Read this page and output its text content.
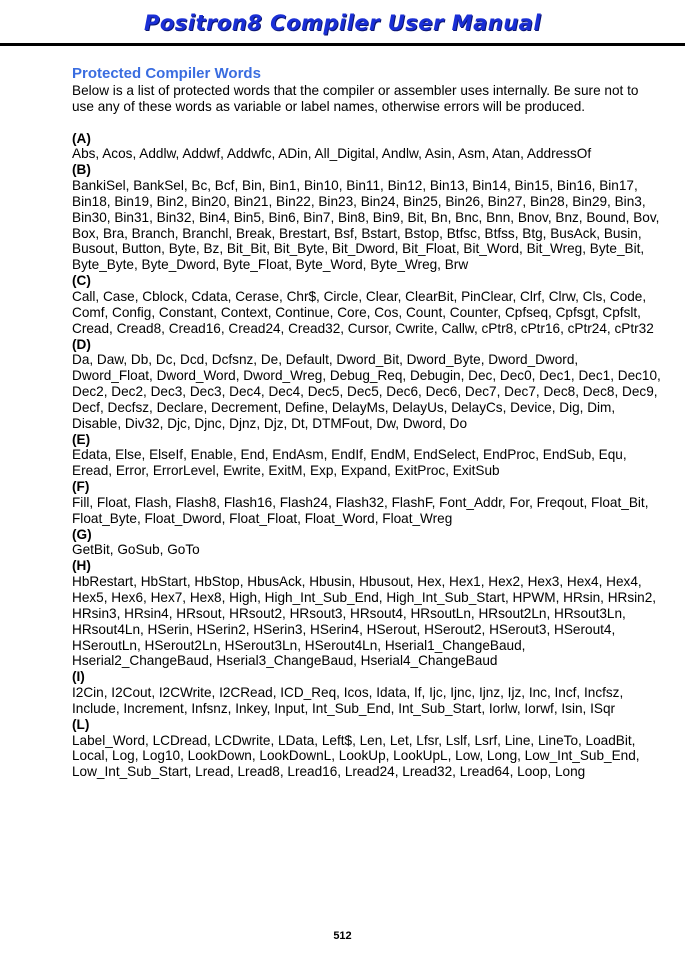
Positron8 Compiler User Manual
Protected Compiler Words
Below is a list of protected words that the compiler or assembler uses internally. Be sure not to use any of these words as variable or label names, otherwise errors will be produced.
(A)
Abs, Acos, Addlw, Addwf, Addwfc, ADin, All_Digital, Andlw, Asin, Asm, Atan, AddressOf
(B)
BankiSel, BankSel, Bc, Bcf, Bin, Bin1, Bin10, Bin11, Bin12, Bin13, Bin14, Bin15, Bin16, Bin17, Bin18, Bin19, Bin2, Bin20, Bin21, Bin22, Bin23, Bin24, Bin25, Bin26, Bin27, Bin28, Bin29, Bin3, Bin30, Bin31, Bin32, Bin4, Bin5, Bin6, Bin7, Bin8, Bin9, Bit, Bn, Bnc, Bnn, Bnov, Bnz, Bound, Bov, Box, Bra, Branch, Branchl, Break, Brestart, Bsf, Bstart, Bstop, Btfsc, Btfss, Btg, BusAck, Busin, Busout, Button, Byte, Bz, Bit_Bit, Bit_Byte, Bit_Dword, Bit_Float, Bit_Word, Bit_Wreg, Byte_Bit, Byte_Byte, Byte_Dword, Byte_Float, Byte_Word, Byte_Wreg, Brw
(C)
Call, Case, Cblock, Cdata, Cerase, Chr$, Circle, Clear, ClearBit, PinClear, Clrf, Clrw, Cls, Code, Comf, Config, Constant, Context, Continue, Core, Cos, Count, Counter, Cpfseq, Cpfsgt, Cpfslt, Cread, Cread8, Cread16, Cread24, Cread32, Cursor, Cwrite, Callw, cPtr8, cPtr16, cPtr24, cPtr32
(D)
Da, Daw, Db, Dc, Dcd, Dcfsnz, De, Default, Dword_Bit, Dword_Byte, Dword_Dword, Dword_Float, Dword_Word, Dword_Wreg, Debug_Req, Debugin, Dec, Dec0, Dec1, Dec1, Dec10, Dec2, Dec2, Dec3, Dec3, Dec4, Dec4, Dec5, Dec5, Dec6, Dec6, Dec7, Dec7, Dec8, Dec8, Dec9, Decf, Decfsz, Declare, Decrement, Define, DelayMs, DelayUs, DelayCs, Device, Dig, Dim, Disable, Div32, Djc, Djnc, Djnz, Djz, Dt, DTMFout, Dw, Dword, Do
(E)
Edata, Else, ElseIf, Enable, End, EndAsm, EndIf, EndM, EndSelect, EndProc, EndSub, Equ, Eread, Error, ErrorLevel, Ewrite, ExitM, Exp, Expand, ExitProc, ExitSub
(F)
Fill, Float, Flash, Flash8, Flash16, Flash24, Flash32, FlashF, Font_Addr, For, Freqout, Float_Bit, Float_Byte, Float_Dword, Float_Float, Float_Word, Float_Wreg
(G)
GetBit, GoSub, GoTo
(H)
HbRestart, HbStart, HbStop, HbusAck, Hbusin, Hbusout, Hex, Hex1, Hex2, Hex3, Hex4, Hex4, Hex5, Hex6, Hex7, Hex8, High, High_Int_Sub_End, High_Int_Sub_Start, HPWM, HRsin, HRsin2, HRsin3, HRsin4, HRsout, HRsout2, HRsout3, HRsout4, HRsoutLn, HRsout2Ln, HRsout3Ln, HRsout4Ln, HSerin, HSerin2, HSerin3, HSerin4, HSerout, HSerout2, HSerout3, HSerout4, HSeroutLn, HSerout2Ln, HSerout3Ln, HSerout4Ln, Hserial1_ChangeBaud, Hserial2_ChangeBaud, Hserial3_ChangeBaud, Hserial4_ChangeBaud
(I)
I2Cin, I2Cout, I2CWrite, I2CRead, ICD_Req, Icos, Idata, If, Ijc, Ijnc, Ijnz, Ijz, Inc, Incf, Incfsz, Include, Increment, Infsnz, Inkey, Input, Int_Sub_End, Int_Sub_Start, Iorlw, Iorwf, Isin, ISqr
(L)
Label_Word, LCDread, LCDwrite, LData, Left$, Len, Let, Lfsr, Lslf, Lsrf, Line, LineTo, LoadBit, Local, Log, Log10, LookDown, LookDownL, LookUp, LookUpL, Low, Long, Low_Int_Sub_End, Low_Int_Sub_Start, Lread, Lread8, Lread16, Lread24, Lread32, Lread64, Loop, Long
512
